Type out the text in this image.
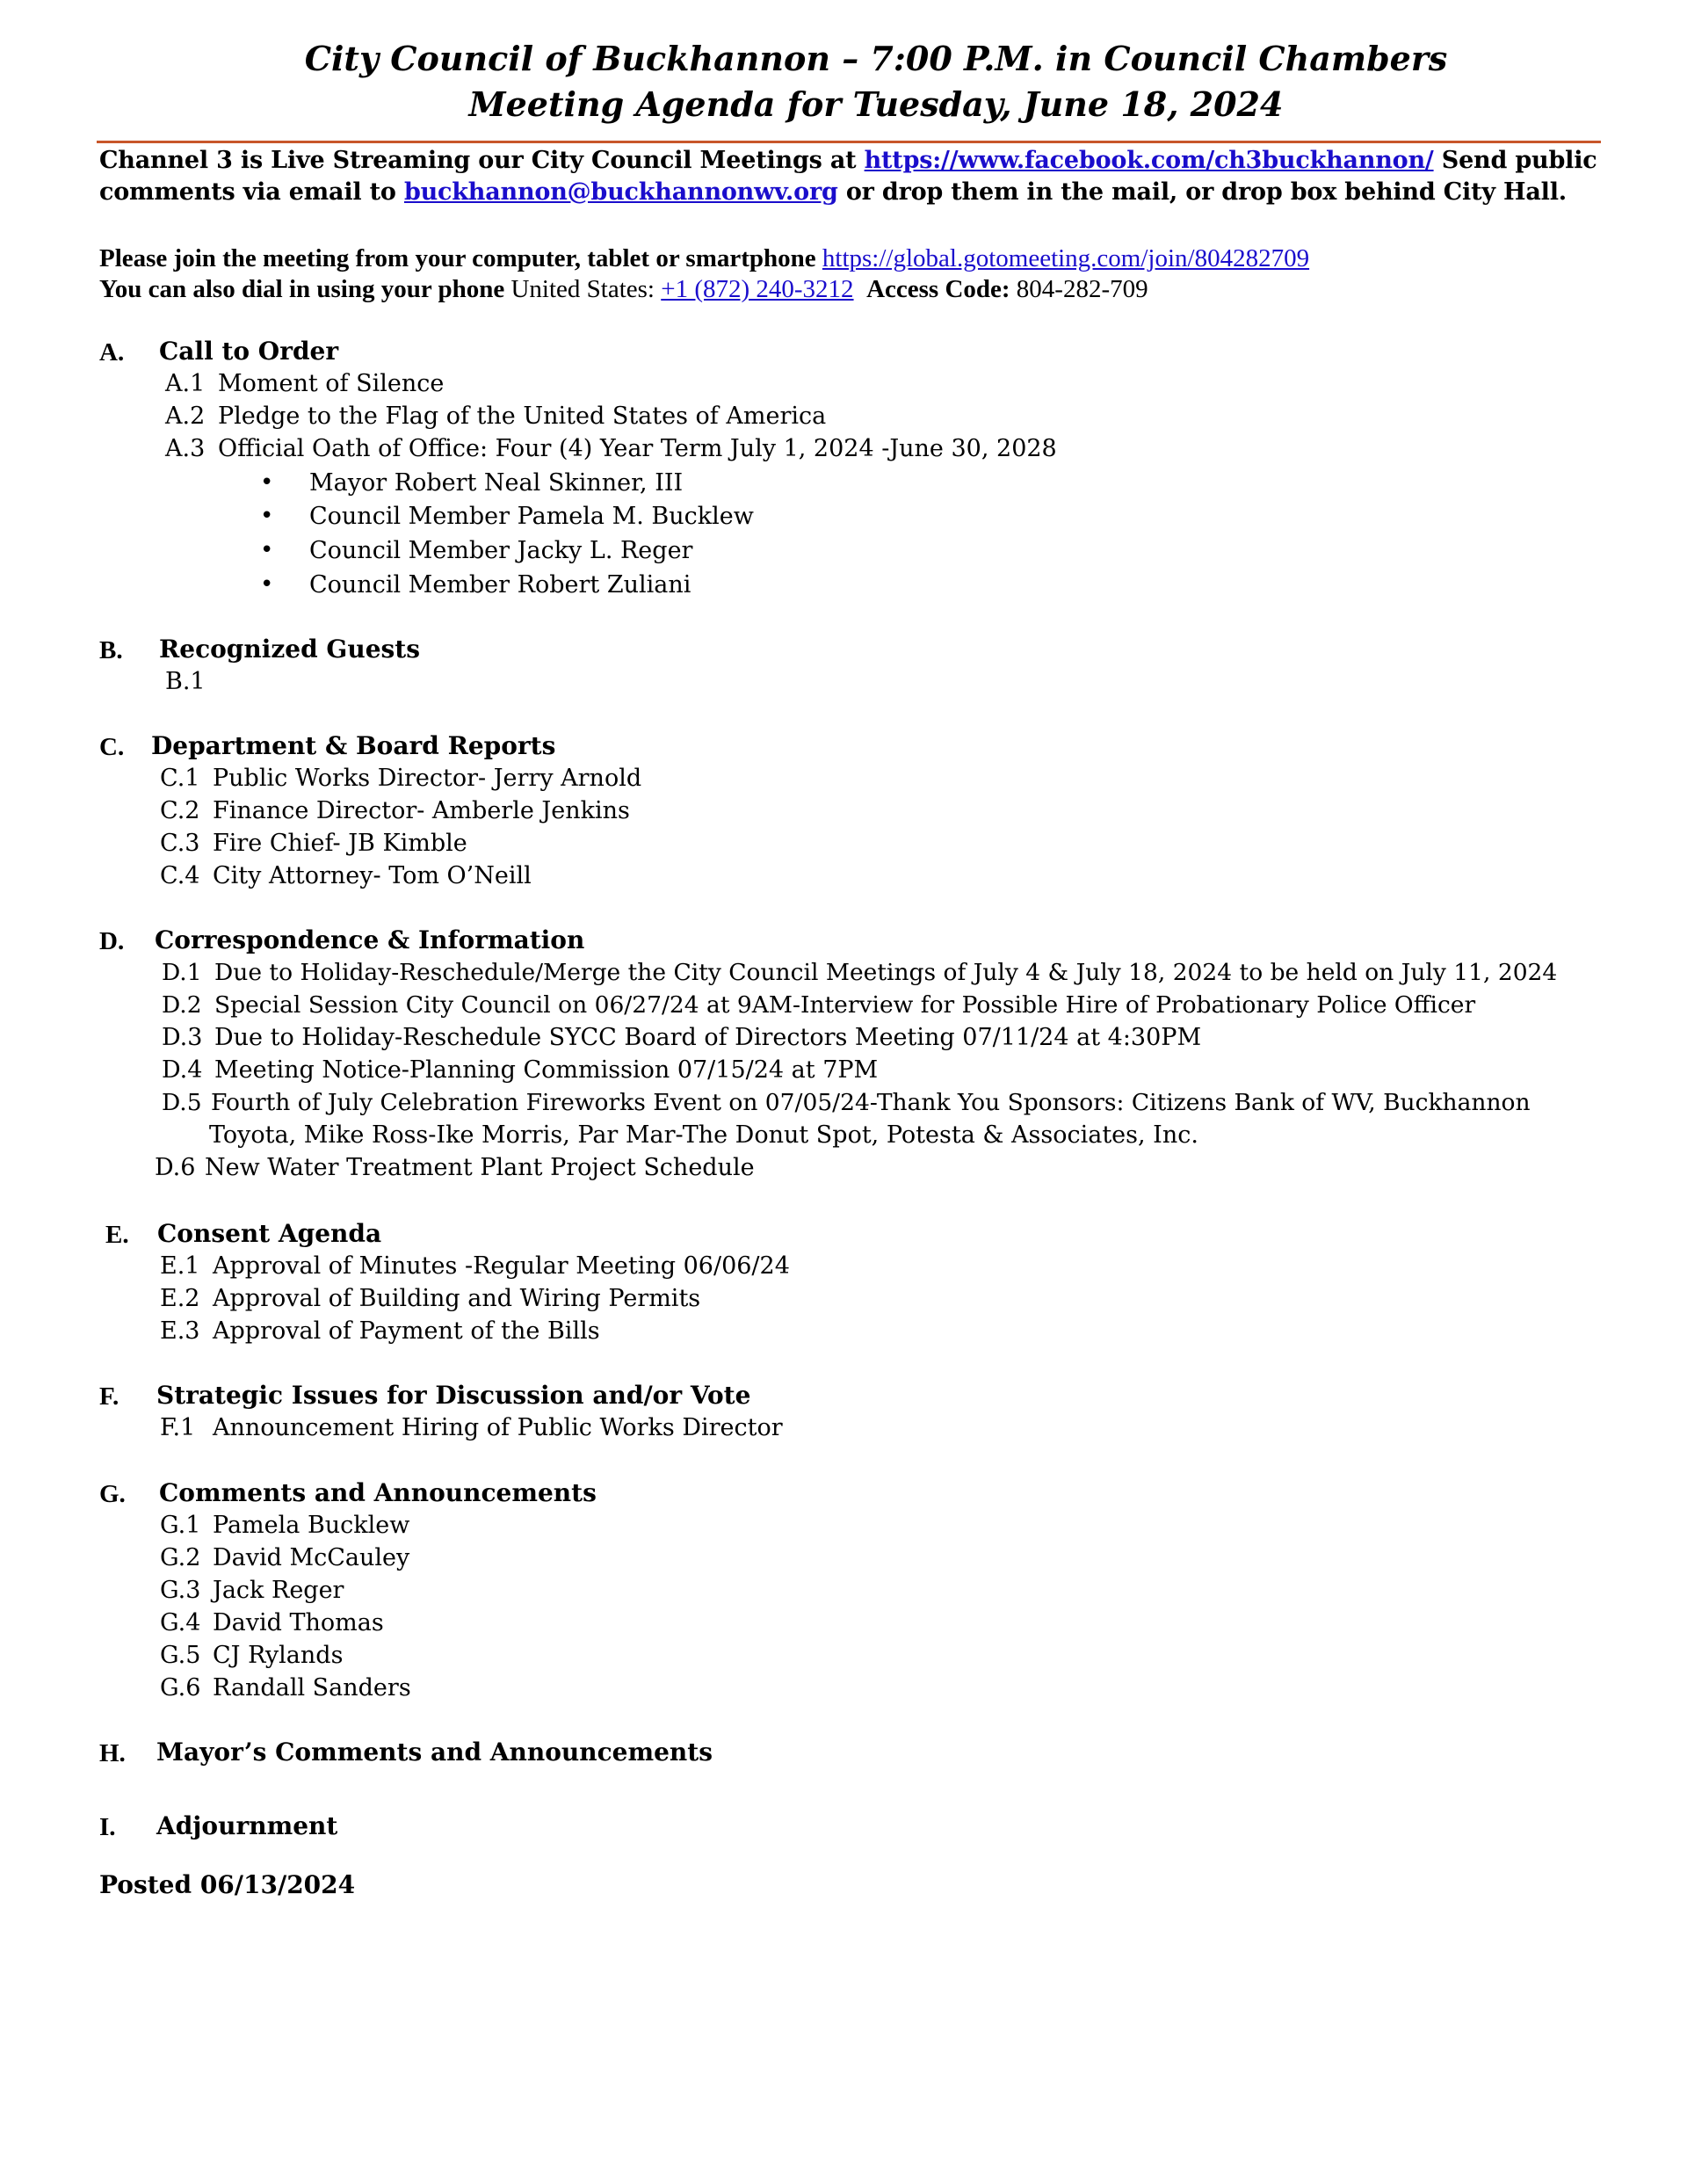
City Council of Buckhannon – 7:00 P.M. in Council Chambers
Meeting Agenda for Tuesday, June 18, 2024
Channel 3 is Live Streaming our City Council Meetings at https://www.facebook.com/ch3buckhannon/ Send public
comments via email to buckhannon@buckhannonwv.org or drop them in the mail, or drop box behind City Hall.
Please join the meeting from your computer, tablet or smartphone https://global.gotomeeting.com/join/804282709
You can also dial in using your phone United States: +1 (872) 240-3212 Access Code: 804-282-709
A. Call to Order
A.1 Moment of Silence
A.2 Pledge to the Flag of the United States of America
A.3 Official Oath of Office: Four (4) Year Term July 1, 2024 -June 30, 2028
• Mayor Robert Neal Skinner, III
• Council Member Pamela M. Bucklew
• Council Member Jacky L. Reger
• Council Member Robert Zuliani
B. Recognized Guests
B.1
C. Department & Board Reports
C.1 Public Works Director- Jerry Arnold
C.2 Finance Director- Amberle Jenkins
C.3 Fire Chief- JB Kimble
C.4 City Attorney- Tom O’Neill
D. Correspondence & Information
D.1 Due to Holiday-Reschedule/Merge the City Council Meetings of July 4 & July 18, 2024 to be held on July 11, 2024
D.2 Special Session City Council on 06/27/24 at 9AM-Interview for Possible Hire of Probationary Police Officer
D.3 Due to Holiday-Reschedule SYCC Board of Directors Meeting 07/11/24 at 4:30PM
D.4 Meeting Notice-Planning Commission 07/15/24 at 7PM
D.5 Fourth of July Celebration Fireworks Event on 07/05/24-Thank You Sponsors: Citizens Bank of WV, Buckhannon
Toyota, Mike Ross-Ike Morris, Par Mar-The Donut Spot, Potesta & Associates, Inc.
D.6 New Water Treatment Plant Project Schedule
E. Consent Agenda
E.1 Approval of Minutes -Regular Meeting 06/06/24
E.2 Approval of Building and Wiring Permits
E.3 Approval of Payment of the Bills
F. Strategic Issues for Discussion and/or Vote
F.1 Announcement Hiring of Public Works Director
G. Comments and Announcements
G.1 Pamela Bucklew
G.2 David McCauley
G.3 Jack Reger
G.4 David Thomas
G.5 CJ Rylands
G.6 Randall Sanders
H. Mayor’s Comments and Announcements
I. Adjournment
Posted 06/13/2024
